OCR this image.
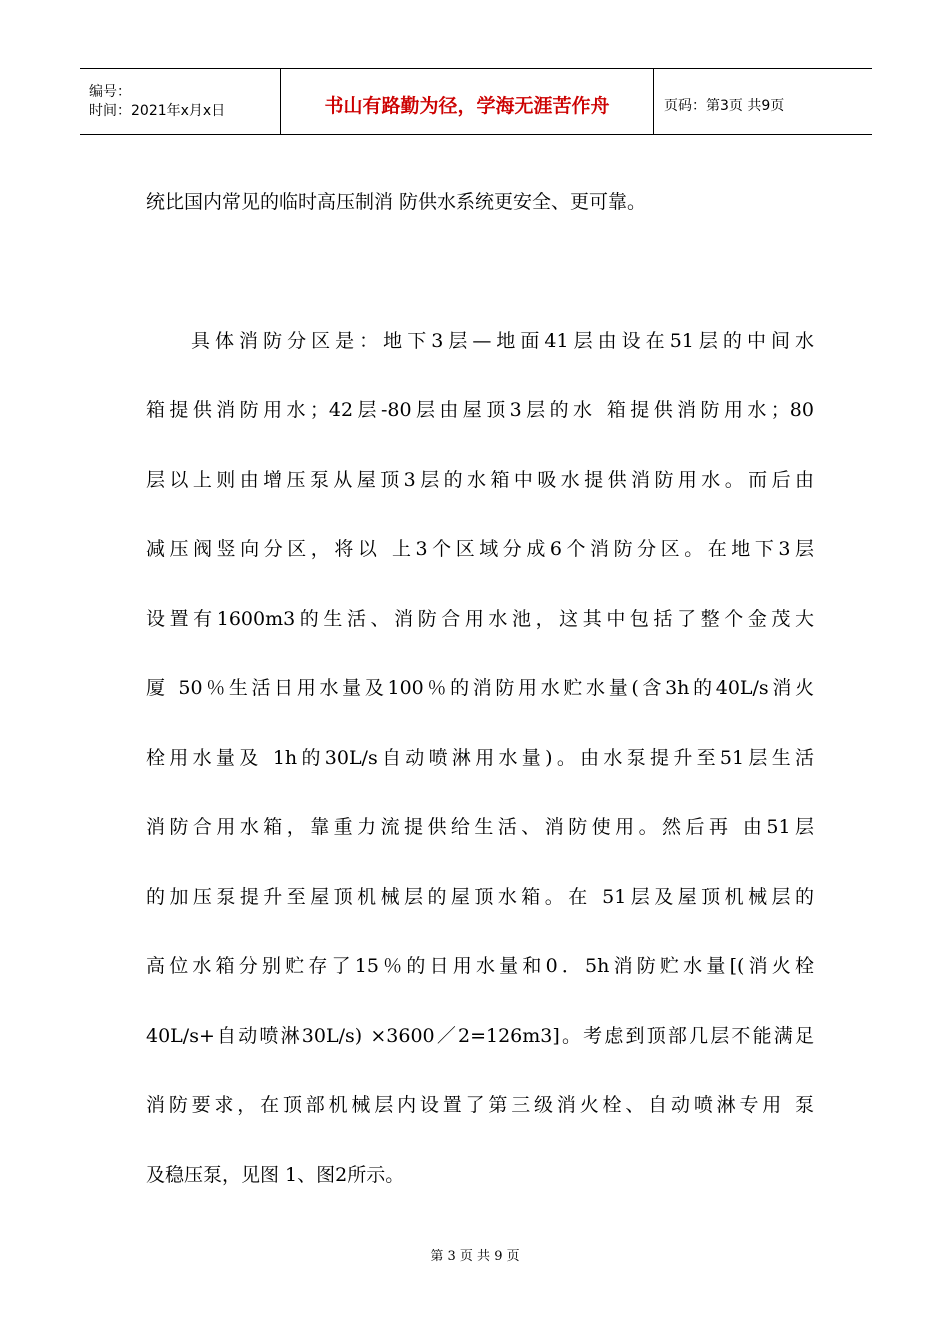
编号：
时间：2021年x月x日	书山有路勤为径，学海无涯苦作舟	页码：第3页 共9页

统比国内常见的临时高压制消 防供水系统更安全、更可靠。

具体消防分区是：地下3层—地面41层由设在51层的中间水
箱提供消防用水；42层-80层由屋顶3层的水 箱提供消防用水；80
层以上则由增压泵从屋顶3层的水箱中吸水提供消防用水。而后由
减压阀竖向分区，将以 上3个区域分成6个消防分区。在地下3层
设置有1600m3的生活、消防合用水池，这其中包括了整个金茂大
厦 50％生活日用水量及100％的消防用水贮水量(含3h的40L/s消火
栓用水量及 1h的30L/s自动喷淋用水量)。由水泵提升至51层生活
消防合用水箱，靠重力流提供给生活、消防使用。然后再 由51层
的加压泵提升至屋顶机械层的屋顶水箱。在 51层及屋顶机械层的
高位水箱分别贮存了15％的日用水量和0．5h消防贮水量[(消火栓
40L/s+自动喷淋30L/s) ×3600／2=126m3]。考虑到顶部几层不能满足
消防要求，在顶部机械层内设置了第三级消火栓、自动喷淋专用 泵
及稳压泵，见图 1、图2所示。

第 3 页 共 9 页
